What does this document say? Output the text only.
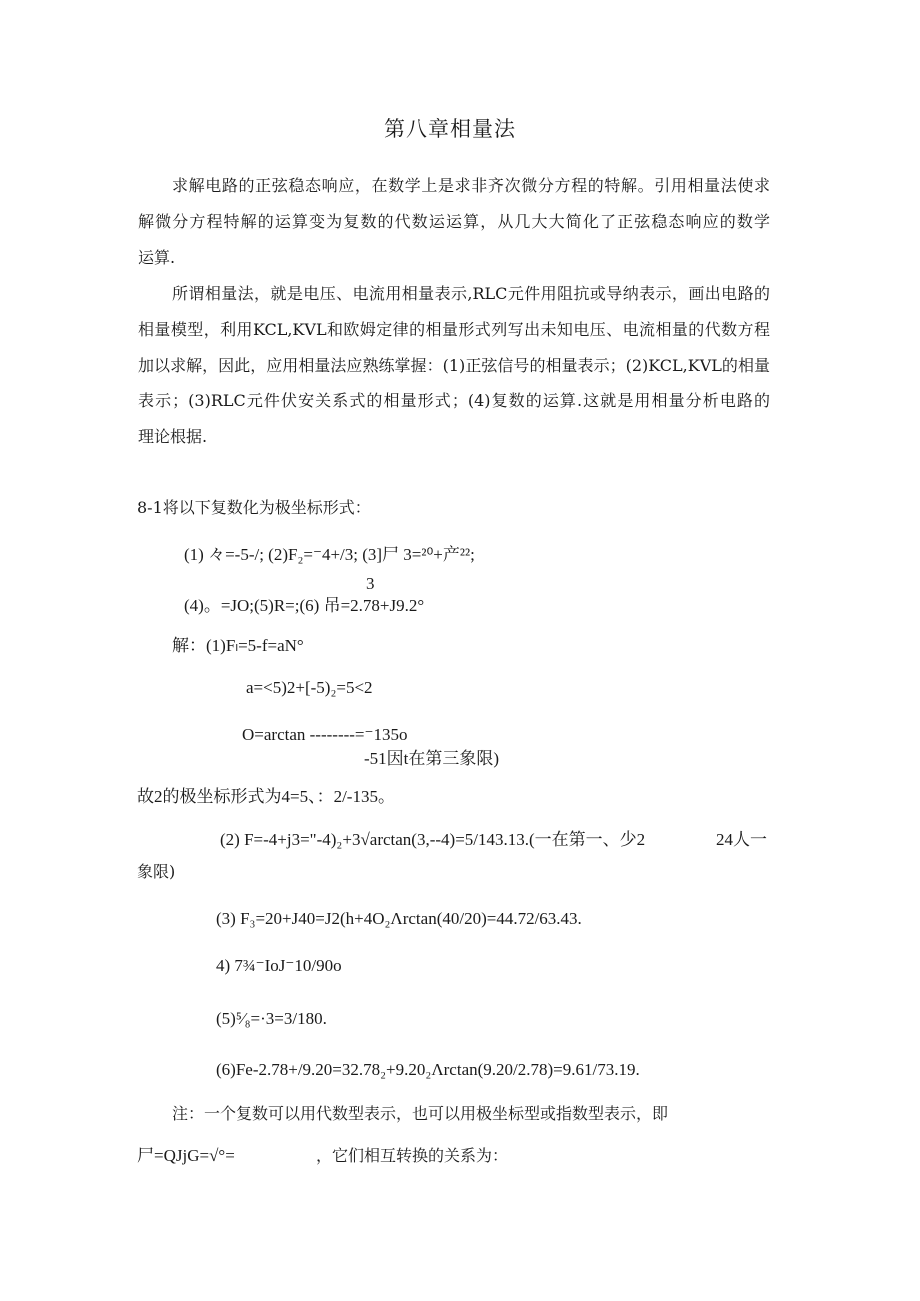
第八章相量法
求解电路的正弦稳态响应，在数学上是求非齐次微分方程的特解。引用相量法使求
解微分方程特解的运算变为复数的代数运运算，从几大大简化了正弦稳态响应的数学
运算.
所谓相量法，就是电压、电流用相量表示,RLC元件用阻抗或导纳表示，画出电路的
相量模型，利用KCL,KVL和欧姆定律的相量形式列写出未知电压、电流相量的代数方程
加以求解，因此，应用相量法应熟练掌握：(1)正弦信号的相量表示；(2)KCL,KVL的相量
表示；(3)RLC元件伏安关系式的相量形式；(4)复数的运算.这就是用相量分析电路的
理论根据.
8-1将以下复数化为极坐标形式：
(1) 々=-5-/; (2)F₂=⁻4+/3; (3]尸 3=²⁰+产²²;
3
(4)。=JO;(5)R=;(6) 吊=2.78+J9.2°
解：(1)Fₗ=5-f=aN°
a=<5)2+[-5)₂=5<2
O=arctan --------=⁻135o
-51因t在第三象限)
故2的极坐标形式为4=5、：2/-135。
(2) F=-4+j3="-4)₂+3√arctan(3,--4)=5/143.13.(一在第一、少2	24人一
象限)
(3) F₃=20+J40=J2(h+4O₂Λrctan(40/20)=44.72/63.43.
4) 7¾⁻IoJ⁻10/90o
(5)⁵⁄₈=·3=3/180.
(6)Fe-2.78+/9.20=32.78₂+9.20₂Λrctan(9.20/2.78)=9.61/73.19.
注：一个复数可以用代数型表示，也可以用极坐标型或指数型表示，即
尸=QJjG=√°=	，它们相互转换的关系为：
